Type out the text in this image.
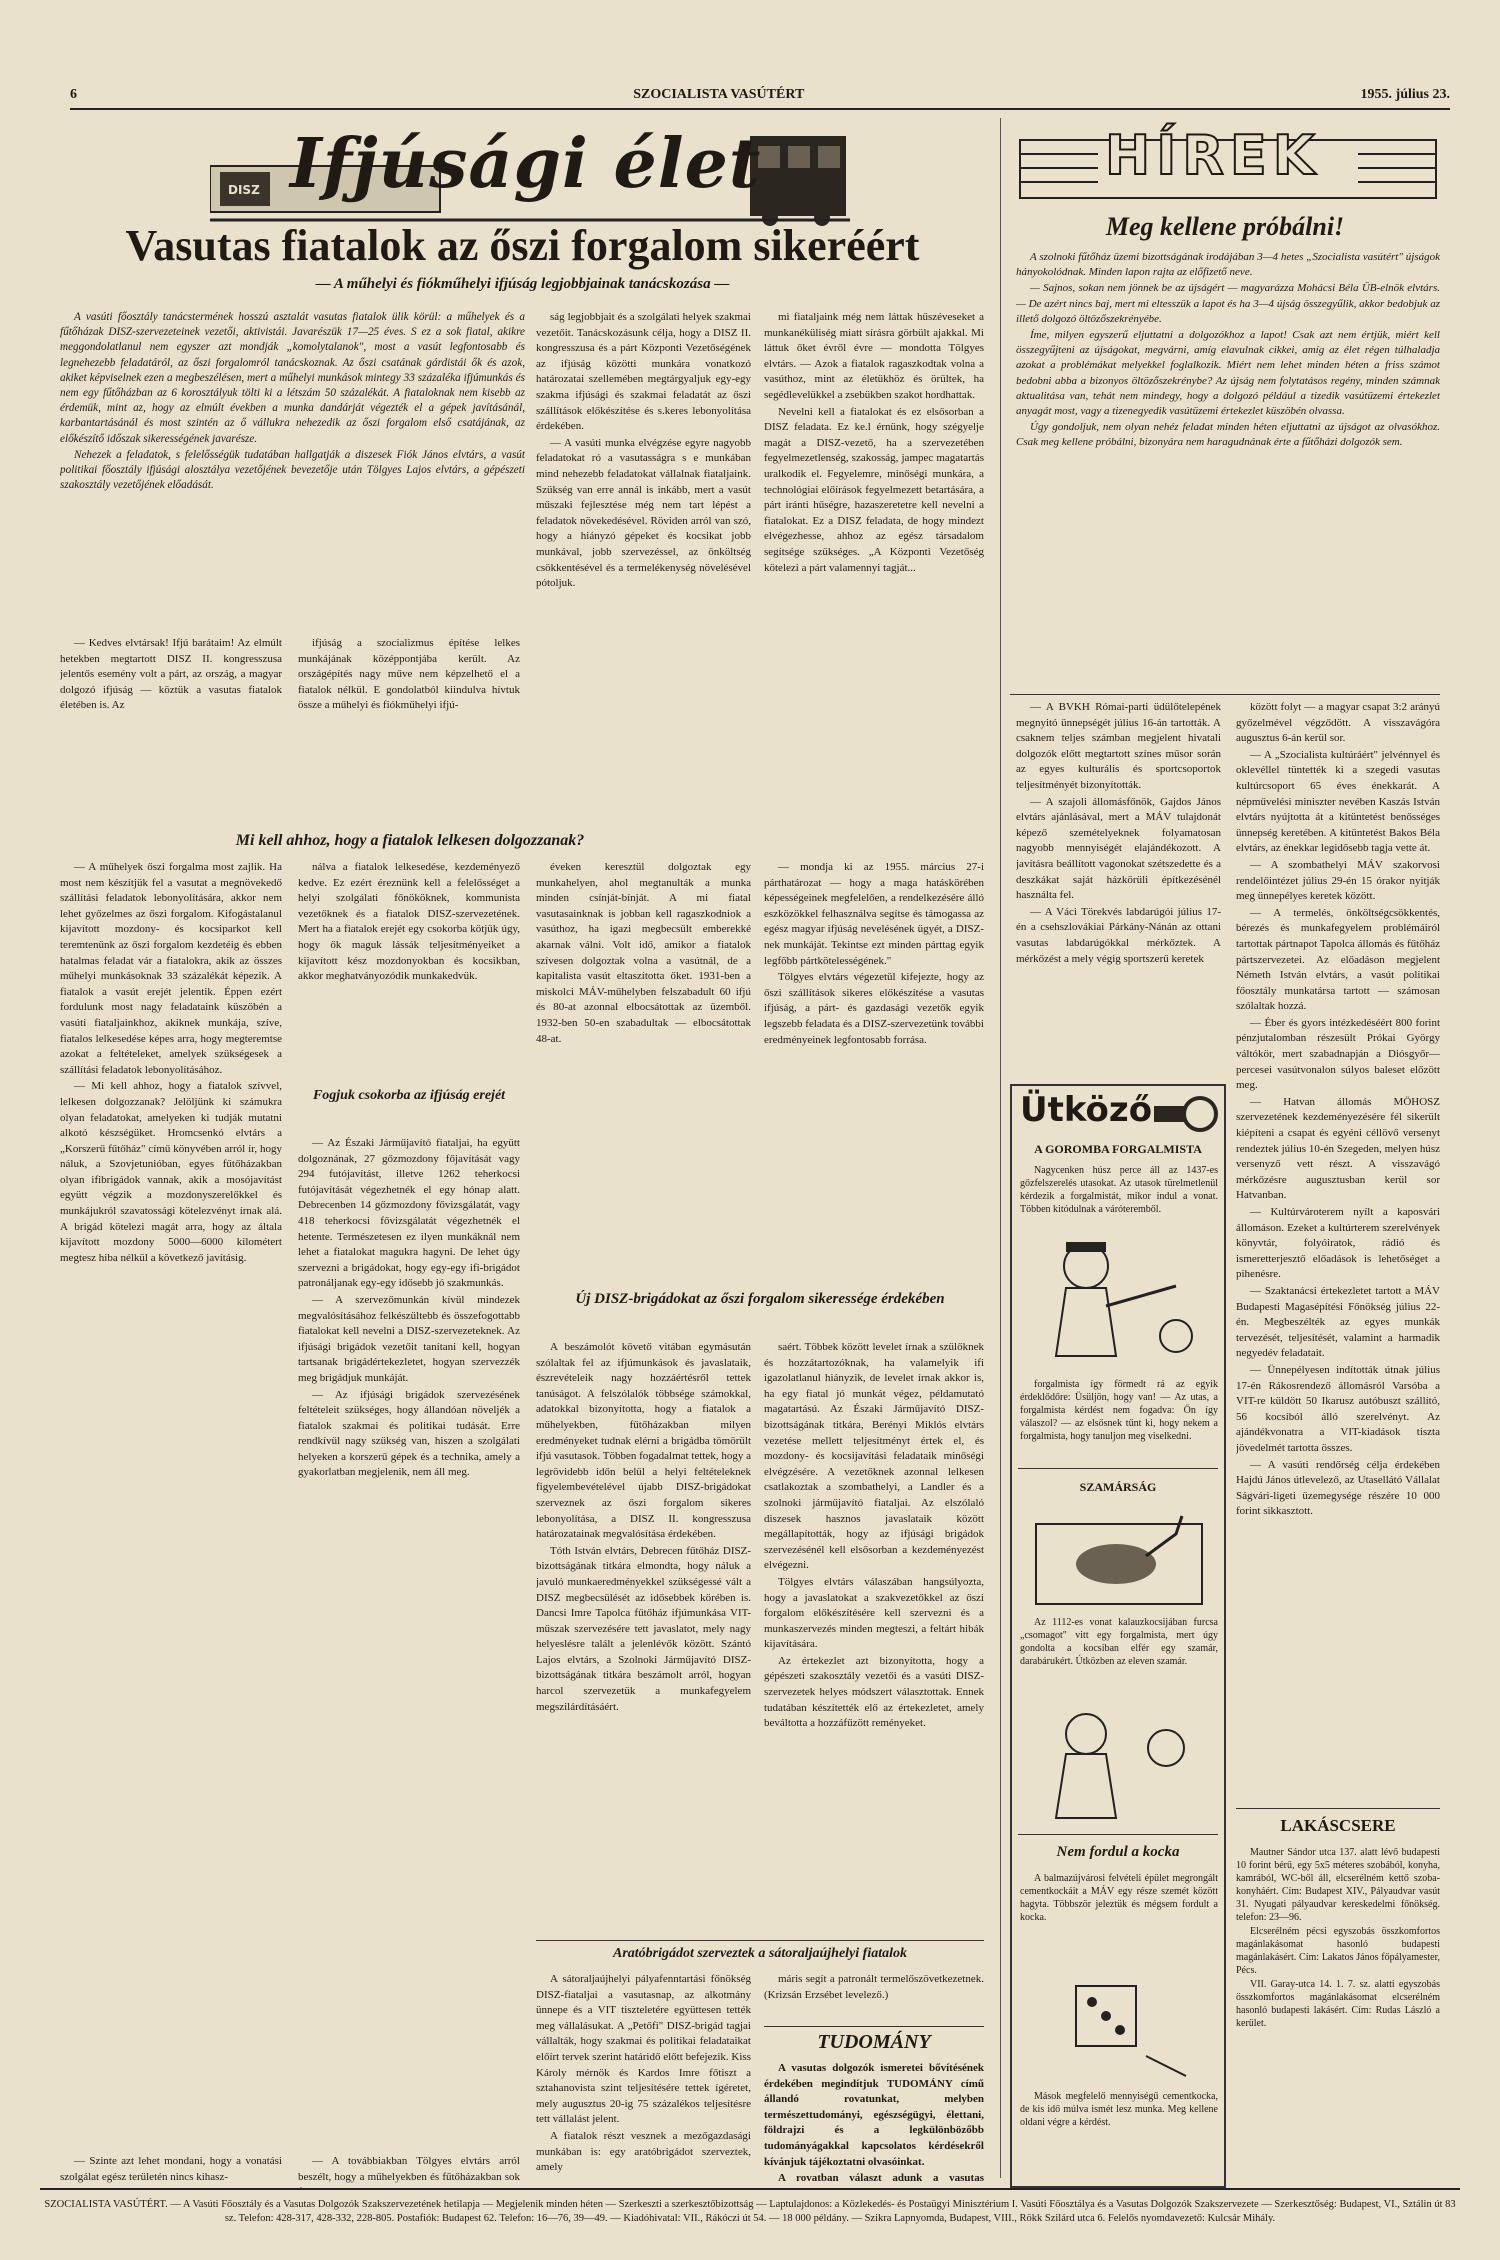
6	SZOCIALISTA VASÚTÉRT	1955. július 23.
DISZ Ifjúsági élet
Vasutas fiatalok az őszi forgalom sikeréért
— A műhelyi és fiókműhelyi ifjúság legjobbjainak tanácskozása —

A vasúti főosztály tanácstermének hosszú asztalát vasutas fiatalok ülik körül: a műhelyek és a fűtőházak DISZ-szervezeteinek vezetői, aktivistái. Javarészük 17—25 éves. S ez a sok fiatal, akikre meggondolatlanul nem egyszer azt mondják „komolytalanok", most a vasút legfontosabb és legnehezebb feladatáról, az őszi forgalomról tanácskoznak. Az őszi csatának gárdistái ők és azok, akiket képviselnek ezen a megbeszélésen, mert a műhelyi munkások mintegy 33 százaléka ifjúmunkás és nem egy fűtőházban az 6 korosztályuk tölti ki a létszám 50 százalékát. A fiataloknak nem kisebb az érdemük, mint az, hogy az elmúlt években a munka dandárját végezték el a gépek javításánál, karbantartásánál és most szintén az ő vállukra nehezedik az őszi forgalom első csatájának, az előkészítő időszak sikerességének javarésze.

Nehezek a feladatok, s felelősségük tudatában hallgatják a diszesek Fiók János elvtárs, a vasút politikai főosztály ifjúsági alosztálya vezetőjének bevezetője után Tölgyes Lajos elvtárs, a gépészeti szakosztály vezetőjének előadását.

— Kedves elvtársak! Ifjú barátaim! Az elmúlt hetekben megtartott DISZ II. kongresszusa jelentős esemény volt a párt, az ország, a magyar dolgozó ifjúság — köztük a vasutas fiatalok életében is. Az

ifjúság a szocializmus építése lelkes munkájának középpontjába került. Az országépítés nagy műve nem képzelhető el a fiatalok nélkül. E gondolatból kiindulva hívtuk össze a műhelyi és fiókműhelyi ifjú-

ság legjobbjait és a szolgálati helyek szakmai vezetőit. Tanácskozásunk célja, hogy a DISZ II. kongresszusa és a párt Központi Vezetőségének az ifjúság közötti munkára vonatkozó határozatai szellemében megtárgyaljuk egy-egy szakma ifjúsági és szakmai feladatát az őszi szállítások előkészítése és s.keres lebonyolítása érdekében.

— A vasúti munka elvégzése egyre nagyobb feladatokat ró a vasutasságra s e munkában mind nehezebb feladatokat vállalnak fiataljaink. Szükség van erre annál is inkább, mert a vasút műszaki fejlesztése még nem tart lépést a feladatok növekedésével. Röviden arról van szó, hogy a hiányzó gépeket és kocsikat jobb munkával, jobb szervezéssel, az önköltség csökkentésével és a termelékenység növelésével pótoljuk.

mi fiataljaink még nem láttak hűszéveseket a munkanéküliség miatt sírásra görbült ajakkal. Mi láttuk őket évről évre — mondotta Tölgyes elvtárs. — Azok a fiatalok ragaszkodtak volna a vasúthoz, mint az életükhöz és örültek, ha segédlevelükkel a zsebükben szakot hordhattak.

Nevelni kell a fiatalokat és ez elsősorban a DISZ feladata. Ez ke.l érnünk, hogy szégyelje magát a DISZ-vezető, ha a szervezetében fegyelmezetlenség, szakosság, jampec magatartás uralkodik el. Fegyelemre, minőségi munkára, a technológiai előírások fegyelmezett betartására, a párt iránti hűségre, hazaszeretetre kell nevelni a fiatalokat. Ez a DISZ feladata, de hogy mindezt elvégezhesse, ahhoz az egész társadalom segítsége szükséges. „A Központi Vezetőség kötelezi a párt valamennyi tagját...

Mi kell ahhoz, hogy a fiatalok lelkesen dolgozzanak?

— A műhelyek őszi forgalma most zajlik. Ha most nem készítjük fel a vasutat a megnövekedő szállítási feladatok lebonyolítására, akkor nem lehet győzelmes az őszi forgalom. Kifogástalanul kijavított mozdony- és kocsiparkot kell teremtenünk az őszi forgalom kezdetéig és ebben hatalmas feladat vár a fiatalokra, akik az összes műhelyi munkásoknak 33 százalékát képezik. A fiatalok a vasút erejét jelentik. Éppen ezért fordulunk most nagy feladataink küszöbén a vasúti fiataljainkhoz, akiknek munkája, szíve, fiatalos lelkesedése képes arra, hogy megteremtse azokat a feltételeket, amelyek szükségesek a szállítási feladatok lebonyolításához.

— Mi kell ahhoz, hogy a fiatalok szívvel, lelkesen dolgozzanak? Jelöljünk ki számukra olyan feladatokat, amelyeken ki tudják mutatni alkotó készségüket. Hromcsenkó elvtárs a „Korszerű fűtőház" című könyvében arról ír, hogy náluk, a Szovjetunióban, egyes fűtőházakban olyan ifibrigádok vannak, akik a mosójavítást együtt végzik a mozdonyszerelőkkel és munkájukról szavatossági kötelezvényt írnak alá. A brigád kötelezi magát arra, hogy az általa kijavított mozdony 5000—6000 kilométert megtesz hiba nélkül a következő javításig.

nálva a fiatalok lelkesedése, kezdeményező kedve. Ez ezért éreznünk kell a felelősséget a helyi szolgálati főnököknek, kommunista vezetőknek és a fiatalok DISZ-szervezetének. Mert ha a fiatalok erejét egy csokorba kötjük úgy, hogy ők maguk lássák teljesítményeiket a kijavított kész mozdonyokban és kocsikban, akkor meghatványozódik munkakedvük.

Fogjuk csokorba az ifjúság erejét

— Az Északi Járműjavító fiataljai, ha együtt dolgoznának, 27 gőzmozdony főjavítását vagy 294 futójavítást, illetve 1262 teherkocsi futójavítását végezhetnék el egy hónap alatt. Debrecenben 14 gőzmozdony fővizsgálatát, vagy 418 teherkocsi fővizsgálatát végezhetnék el hetente. Természetesen ez ilyen munkáknál nem lehet a fiatalokat magukra hagyni. De lehet úgy szervezni a brigádokat, hogy egy-egy ifi-brigádot patronáljanak egy-egy idősebb jó szakmunkás.

— A szervezőmunkán kívül mindezek megvalósításához felkészültebb és összefogottabb fiatalokat kell nevelni a DISZ-szervezeteknek. Az ifjúsági brigádok vezetőit tanítani kell, hogyan tartsanak brigádértekezletet, hogyan szervezzék meg brigádjuk munkáját.

— Az ifjúsági brigádok szervezésének feltételeit szükséges, hogy állandóan növeljék a fiatalok szakmai és politikai tudását. Erre rendkívül nagy szükség van, hiszen a szolgálati helyeken a korszerű gépek és a technika, amely a gyakorlatban megjelenik, nem áll meg.

éveken keresztül dolgoztak egy munkahelyen, ahol megtanulták a munka minden csínját-bínját. A mi fiatal vasutasainknak is jobban kell ragaszkodniok a vasúthoz, ha igazi megbecsült emberekké akarnak válni. Volt idő, amikor a fiatalok szívesen dolgoztak volna a vasútnál, de a kapitalista vasút eltaszította őket. 1931-ben a miskolci MÁV-műhelyben felszabadult 60 ifjú és 80-at azonnal elbocsátottak az üzemből. 1932-ben 50-en szabadultak — elbocsátottak 48-at.

— mondja ki az 1955. március 27-i párthatározat — hogy a maga hatáskörében képességeinek megfelelően, a rendelkezésére álló eszközökkel felhasználva segítse és támogassa az egész magyar ifjúság nevelésének ügyét, a DISZ-nek munkáját. Tekintse ezt minden párttag egyik legfőbb pártkötelességének."

Tölgyes elvtárs végezetül kifejezte, hogy az őszi szállítások sikeres előkészítése a vasutas ifjúság, a párt- és gazdasági vezetők egyik legszebb feladata és a DISZ-szervezetünk további eredményeinek legfontosabb forrása.

Új DISZ-brigádokat az őszi forgalom sikeressége érdekében

A beszámolót követő vitában egymásután szólaltak fel az ifjúmunkások és javaslataik, észrevételeik nagy hozzáértésről tettek tanúságot. A felszólalók többsége számokkal, adatokkal bizonyította, hogy a fiatalok a műhelyekben, fűtőházakban milyen eredményeket tudnak elérni a brigádba tömörült ifjú vasutasok. Többen fogadalmat tettek, hogy a legrövidebb időn belül a helyi feltételeknek figyelembevételével újabb DISZ-brigádokat szerveznek az őszi forgalom sikeres lebonyolítása, a DISZ II. kongresszusa határozatainak megvalósítása érdekében.

Tóth István elvtárs, Debrecen fűtőház DISZ-bizottságának titkára elmondta, hogy náluk a javuló munkaeredményekkel szükségessé vált a DISZ megbecsülését az idősebbek körében is. Dancsi Imre Tapolca fűtőház ifjúmunkása VIT-műszak szervezésére tett javaslatot, mely nagy helyeslésre talált a jelenlévők között. Szántó Lajos elvtárs, a Szolnoki Járműjavító DISZ-bizottságának titkára beszámolt arról, hogyan harcol szervezetük a munkafegyelem megszilárdításáért.

saért. Többek között levelet írnak a szülőknek és hozzátartozóknak, ha valamelyik ifi igazolatlanul hiányzik, de levelet írnak akkor is, ha egy fiatal jó munkát végez, példamutató magatartású. Az Északi Járműjavító DISZ-bizottságának titkára, Berényi Miklós elvtárs vezetése mellett teljesítményt értek el, és mozdony- és kocsijavítási feladataik minőségi elvégzésére. A vezetőknek azonnal lelkesen csatlakoztak a szombathelyi, a Landler és a szolnoki járműjavító fiataljai. Az elszólaló diszesek hasznos javaslataik között megállapították, hogy az ifjúsági brigádok szervezésénél kell elsősorban a kezdeményezést elvégezni.

Tölgyes elvtárs válaszában hangsúlyozta, hogy a javaslatokat a szakvezetőkkel az őszi forgalom előkészítésére kell szervezni és a munkaszervezés minden megteszi, a feltárt hibák kijavítására.

Az értekezlet azt bizonyította, hogy a gépészeti szakosztály vezetői és a vasúti DISZ-szervezetek helyes módszert választottak. Ennek tudatában készítették elő az értekezletet, amely beváltotta a hozzáfűzött reményeket.

— Szinte azt lehet mondani, hogy a vonatási szolgálat egész területén nincs kihasz-

— A továbbiakban Tölgyes elvtárs arról beszélt, hogy a műhelyekben és fűtőházakban sok

Aratóbrigádot szerveztek a sátoraljaújhelyi fiatalok

A sátoraljaújhelyi pályafenntartási főnökség DISZ-fiataljai a vasutasnap, az alkotmány ünnepe és a VIT tiszteletére együttesen tették meg vállalásukat. A „Petőfi" DISZ-brigád tagjai vállalták, hogy szakmai és politikai feladataikat előírt tervek szerint határidő előtt befejezik. Kiss Károly mérnök és Kardos Imre főtiszt a sztahanovista szint teljesítésére tettek ígéretet, mely augusztus 20-ig 75 százalékos teljesítésre tett vállalást jelent.

A fiatalok részt vesznek a mezőgazdasági munkában is: egy aratóbrigádot szerveztek, amely

máris segít a patronált termelőszövetkezetnek. (Krizsán Erzsébet levelező.)

TUDOMÁNY

A vasutas dolgozók ismeretei bővítésének érdekében megindítjuk TUDOMÁNY című állandó rovatunkat, melyben természettudományi, egészségügyi, élettani, földrajzi és a legkülönbözőbb tudományágakkal kapcsolatos kérdésekről kívánjuk tájékoztatni olvasóinkat.

A rovatban választ adunk a vasutas

HÍREK
Meg kellene próbálni!

A szolnoki fűtőház üzemi bizottságának irodájában 3—4 hetes „Szocialista vasútért" újságok hányokolódnak. Minden lapon rajta az előfizető neve.

— Sajnos, sokan nem jönnek be az újságért — magyarázza Mohácsi Béla ÜB-elnök elvtárs. — De azért nincs baj, mert mi eltesszük a lapot és ha 3—4 újság összegyűlik, akkor bedobjuk az illető dolgozó öltözőszekrényébe.

Íme, milyen egyszerű eljuttatni a dolgozókhoz a lapot! Csak azt nem értjük, miért kell összegyűjteni az újságokat, megvárni, amíg elavulnak cikkei, amíg az élet régen túlhaladja azokat a problémákat melyekkel foglalkozik. Miért nem lehet minden héten a friss számot bedobni abba a bizonyos öltözőszekrénybe? Az újság nem folytatásos regény, minden számnak aktualitása van, tehát nem mindegy, hogy a dolgozó például a tizedik vasútüzemi értekezlet anyagát most, vagy a tizenegyedik vasútüzemi értekezlet küszöbén olvassa.

Úgy gondoljuk, nem olyan nehéz feladat minden héten eljuttatni az újságot az olvasókhoz. Csak meg kellene próbálni, bizonyára nem haragudnának érte a fűtőházi dolgozók sem.

— A BVKH Római-parti üdülőtelepének megnyitó ünnepségét július 16-án tartották. A csaknem teljes számban megjelent hivatali dolgozók előtt megtartott színes műsor során az egyes kulturális és sportcsoportok teljesítményét bizonyították.

— A szajoli állomásfőnök, Gajdos János elvtárs ajánlásával, mert a MÁV tulajdonát képező szemételyeknek folyamatosan nagyobb mennyiségét elajándékozott. A javításra beállított vagonokat szétszedette és a deszkákat saját házkörüli építkezésénél használta fel.

— A Váci Törekvés labdarúgói július 17-én a csehszlovákiai Párkány-Nánán az ottani vasutas labdarúgókkal mérkőztek. A mérkőzést a mely végig sportszerű keretek

között folyt — a magyar csapat 3:2 arányú győzelmével végződött. A visszavágóra augusztus 6-án kerül sor.

— A „Szocialista kultúráért" jelvénnyel és oklevéllel tüntették ki a szegedi vasutas kultúrcsoport 65 éves énekkarát. A népművelési miniszter nevében Kaszás István elvtárs nyújtotta át a kitüntetést benősséges ünnepség keretében. A kitüntetést Bakos Béla elvtárs, az énekkar legidősebb tagja vette át.

— A szombathelyi MÁV szakorvosi rendelőintézet július 29-én 15 órakor nyitják meg ünnepélyes keretek között.

— A termelés, önköltségcsökkentés, bérezés és munkafegyelem problémáiról tartottak pártnapot Tapolca állomás és fűtőház pártszervezetei. Az előadáson megjelent Németh István elvtárs, a vasút politikai főosztály munkatársa tartott — számosan szólaltak hozzá.

— Éber és gyors intézkedéséért 800 forint pénzjutalomban részesült Prókai György váltókör, mert szabadnapján a Diósgyőr—percesei vasútvonalon súlyos baleset előzött meg.

— Hatvan állomás MÖHOSZ szervezetének kezdeményezésére fél sikerült kiépíteni a csapat és egyéni céllövő versenyt rendeztek július 10-én Szegeden, melyen húsz versenyző vett részt. A visszavágó mérkőzésre augusztusban kerül sor Hatvanban.

— Kultúrvároterem nyílt a kaposvári állomáson. Ezeket a kultúrterem szerelvények könyvtár, folyóiratok, rádió és ismeretterjesztő előadások is lehetőséget a pihenésre.

— Szaktanácsi értekezletet tartott a MÁV Budapesti Magasépítési Főnökség július 22-én. Megbeszélték az egyes munkák tervezését, teljesítését, valamint a harmadik negyedév feladatait.

— Ünnepélyesen indították útnak július 17-én Rákosrendező állomásról Varsóba a VIT-re küldött 50 Ikarusz autóbuszt szállító, 56 kocsiból álló szerelvényt. Az ajándékvonatra a VIT-kiadások tiszta jövedelmét tartotta összes.

— A vasúti rendőrség célja érdekében Hajdú János útlevelező, az Utasellátó Vállalat Ságvári-ligeti üzemegysége részére 10 000 forint sikkasztott.

Ütköző
A GOROMBA FORGALMISTA

Nagycenken húsz perce áll az 1437-es gőzfelszerelés utasokat. Az utasok türelmetlenül kérdezik a forgalmistát, mikor indul a vonat. Többen kitódulnak a váróteremből.

forgalmista így förmedt rá az egyik érdeklődőre: Üsüljön, hogy van! — Az utas, a forgalmista kérdést nem fogadva: Ön így válaszol? — az elsősnek tűnt ki, hogy nekem a forgalmista, hogy tanuljon meg viselkedni.

SZAMÁRSÁG

Az 1112-es vonat kalauzkocsijában furcsa „csomagot" vitt egy forgalmista, mert úgy gondolta a kocsiban elfér egy szamár, darabárukért. Útközben az eleven szamár.

Nem fordul a kocka

A balmazújvárosi felvételi épület megrongált cementkockáit a MÁV egy része szemét között hagyta. Többször jeleztük és mégsem fordult a kocka.

Mások megfelelő mennyiségű cementkocka, de kis idő múlva ismét lesz munka. Meg kellene oldani végre a kérdést.

LAKÁSCSERE

Mautner Sándor utca 137. alatt lévő budapesti 10 forint bérű, egy 5x5 méteres szobából, konyha, kamrából, WC-ből áll, elcserélném kettő szoba-konyháért. Cím: Budapest XIV., Pályaudvar vasút 31. Nyugati pályaudvar kereskedelmi főnökség. telefon: 23—96.

Elcserélném pécsi egyszobás összkomfortos magánlakásomat hasonló budapesti magánlakásért. Cím: Lakatos János főpályamester, Pécs.

VII. Garay-utca 14. 1. 7. sz. alatti egyszobás összkomfortos magánlakásomat elcserélném hasonló budapesti lakásért. Cím: Rudas László a kerület.

SZOCIALISTA VASÚTÉRT. — A Vasúti Főosztály és a Vasutas Dolgozók Szakszervezetének hetilapja — Megjelenik minden héten — Szerkeszti a szerkesztőbizottság — Laptulajdonos: a Közlekedés- és Postaügyi Minisztérium I. Vasúti Főosztálya és a Vasutas Dolgozók Szakszervezete — Szerkesztőség: Budapest, VI., Sztálin út 83 sz. Telefon: 428-317, 428-332, 228-805. Postafiók: Budapest 62. Telefon: 16—76, 39—49. — Kiadóhivatal: VII., Rákóczi út 54. — 18 000 példány. — Szikra Lapnyomda, Budapest, VIII., Rökk Szilárd utca 6. Felelős nyomdavezető: Kulcsár Mihály.
